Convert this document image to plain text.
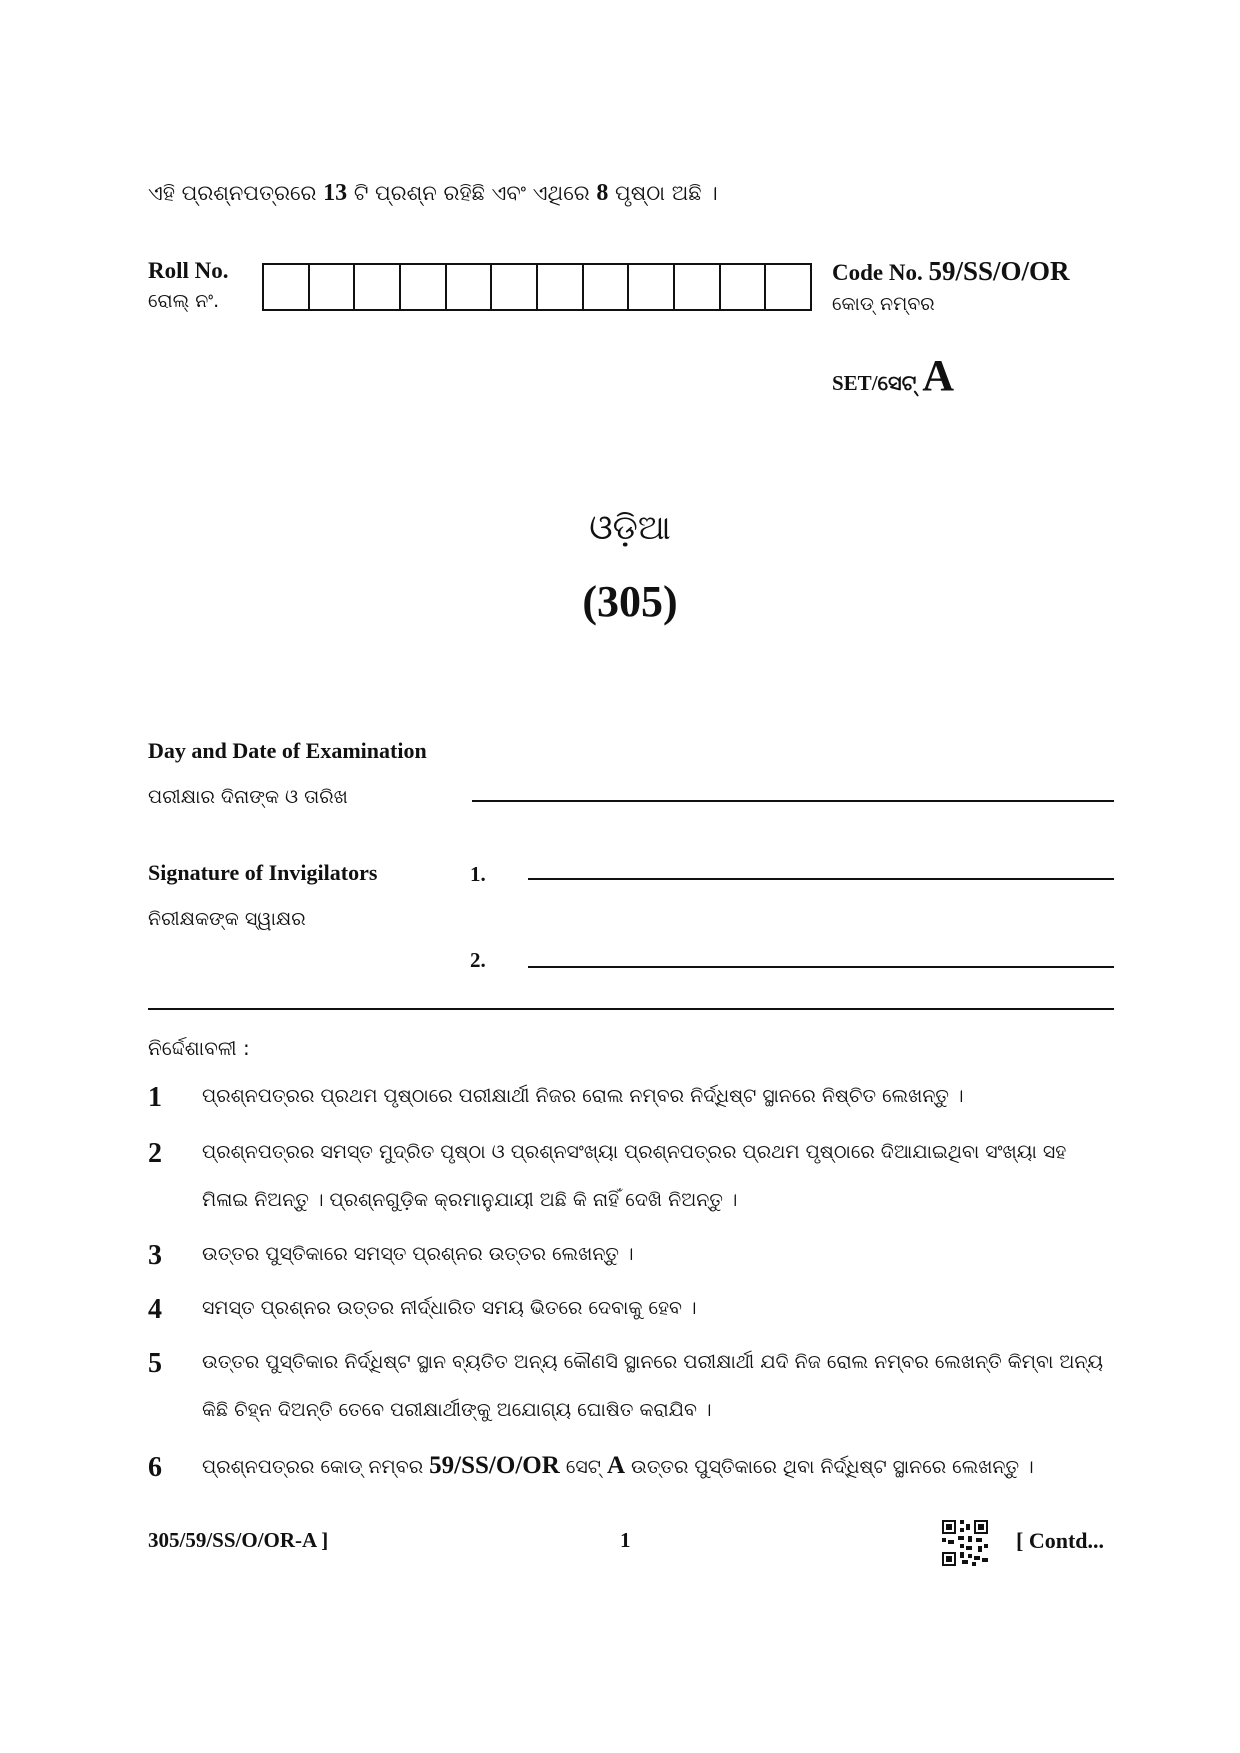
ଏହି ପ୍ରଶ୍ନପତ୍ରରେ 13 ଟି ପ୍ରଶ୍ନ ରହିଛି ଏବଂ ଏଥିରେ 8 ପୃଷ୍ଠା ଅଛି ।
Roll No.
ରୋଲ୍ ନଂ.
Code No. 59/SS/O/OR
କୋଡ୍ ନମ୍ବର
SET/ସେଟ୍ A
ଓଡ଼ିଆ
(305)
Day and Date of Examination
ପରୀକ୍ଷାର ଦିନାଙ୍କ ଓ ତାରିଖ
Signature of Invigilators
ନିରୀକ୍ଷକଙ୍କ ସ୍ୱାକ୍ଷର
1.
2.
ନିର୍ଦ୍ଦେଶାବଳୀ :
1 ପ୍ରଶ୍ନପତ୍ରର ପ୍ରଥମ ପୃଷ୍ଠାରେ ପରୀକ୍ଷାର୍ଥୀ ନିଜର ରୋଲ ନମ୍ବର ନିର୍ଦ୍ଧିଷ୍ଟ ସ୍ଥାନରେ ନିଷ୍ଚିତ ଲେଖନ୍ତୁ ।
2 ପ୍ରଶ୍ନପତ୍ରର ସମସ୍ତ ମୁଦ୍ରିତ ପୃଷ୍ଠା ଓ ପ୍ରଶ୍ନସଂଖ୍ୟା ପ୍ରଶ୍ନପତ୍ରର ପ୍ରଥମ ପୃଷ୍ଠାରେ ଦିଆଯାଇଥିବା ସଂଖ୍ୟା ସହ ମିଳାଇ ନିଅନ୍ତୁ । ପ୍ରଶ୍ନଗୁଡ଼ିକ କ୍ରମାନୁଯାୟୀ ଅଛି କି ନାହିଁ ଦେଖି ନିଅନ୍ତୁ ।
3 ଉତ୍ତର ପୁସ୍ତିକାରେ ସମସ୍ତ ପ୍ରଶ୍ନର ଉତ୍ତର ଲେଖନ୍ତୁ ।
4 ସମସ୍ତ ପ୍ରଶ୍ନର ଉତ୍ତର ନୀର୍ଦ୍ଧାରିତ ସମୟ ଭିତରେ ଦେବାକୁ ହେବ ।
5 ଉତ୍ତର ପୁସ୍ତିକାର ନିର୍ଦ୍ଧିଷ୍ଟ ସ୍ଥାନ ବ୍ୟତିତ ଅନ୍ୟ କୌଣସି ସ୍ଥାନରେ ପରୀକ୍ଷାର୍ଥୀ ଯଦି ନିଜ ରୋଲ ନମ୍ବର ଲେଖନ୍ତି କିମ୍ବା ଅନ୍ୟ କିଛି ଚିହ୍ନ ଦିଅନ୍ତି ତେବେ ପରୀକ୍ଷାର୍ଥୀଙ୍କୁ ଅଯୋଗ୍ୟ ଘୋଷିତ କରାଯିବ ।
6 ପ୍ରଶ୍ନପତ୍ରର କୋଡ୍ ନମ୍ବର 59/SS/O/OR ସେଟ୍ A ଉତ୍ତର ପୁସ୍ତିକାରେ ଥିବା ନିର୍ଦ୍ଧିଷ୍ଟ ସ୍ଥାନରେ ଲେଖନ୍ତୁ ।
305/59/SS/O/OR-A ]	1	[ Contd...
